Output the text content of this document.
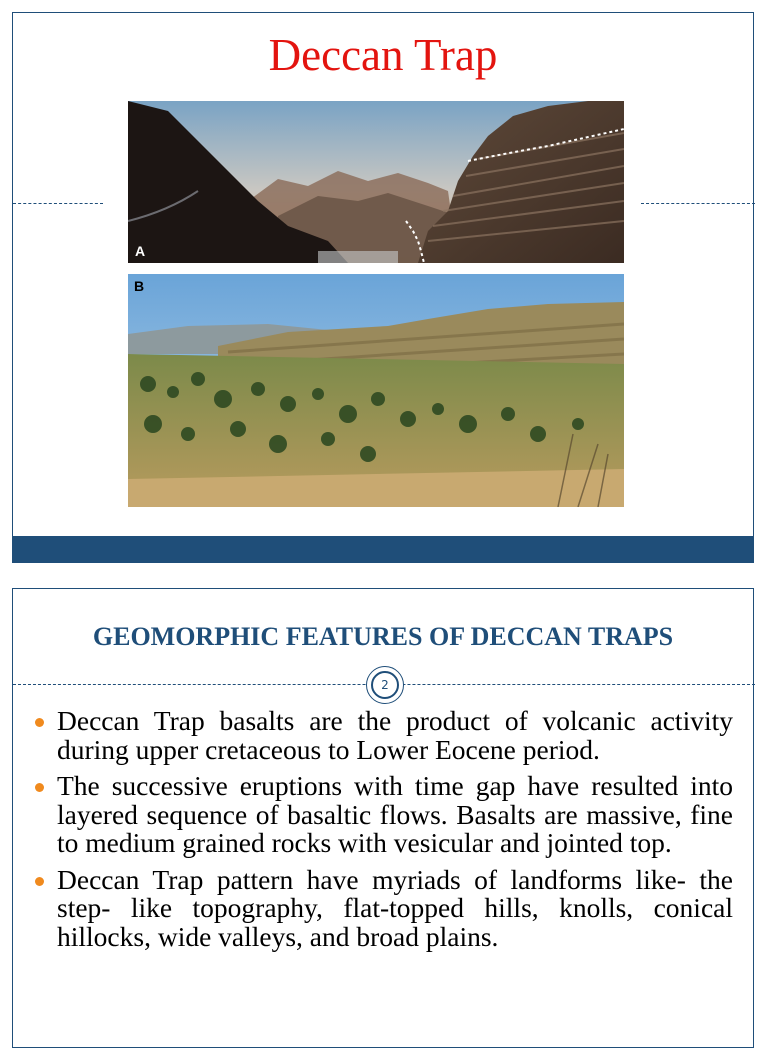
Deccan Trap
A
B
GEOMORPHIC FEATURES OF DECCAN TRAPS
2
Deccan Trap basalts are the product of volcanic activity during upper cretaceous to Lower Eocene period.
The successive eruptions with time gap have resulted into layered sequence of basaltic flows. Basalts are massive, fine to medium grained rocks with vesicular and jointed top.
Deccan Trap pattern have myriads of landforms like- the step- like topography, flat-topped hills, knolls, conical hillocks, wide valleys, and broad plains.
